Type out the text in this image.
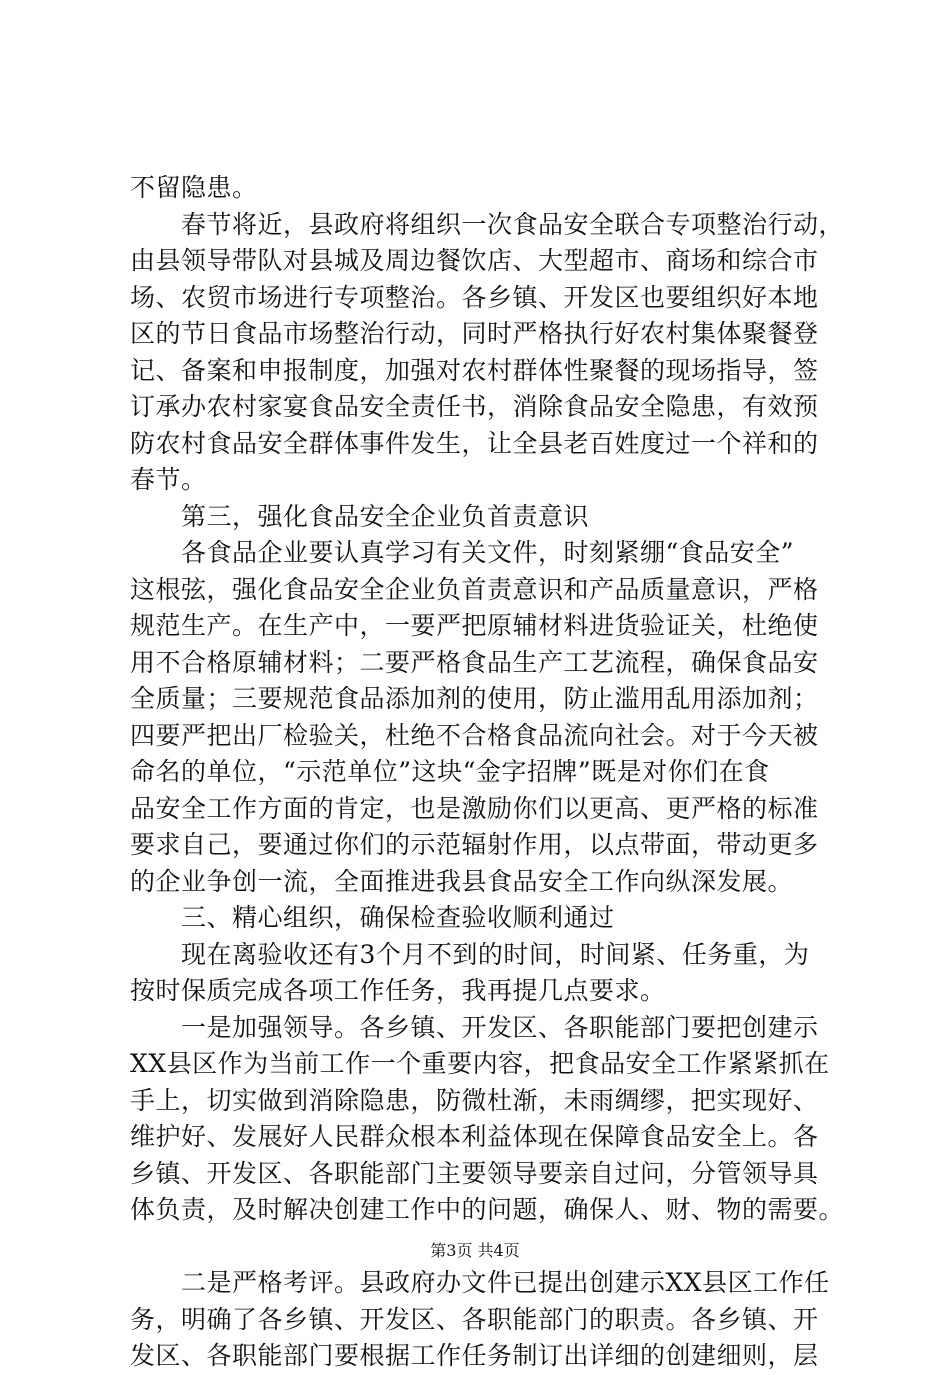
不留隐患。
　　春节将近，县政府将组织一次食品安全联合专项整治行动，
由县领导带队对县城及周边餐饮店、大型超市、商场和综合市
场、农贸市场进行专项整治。各乡镇、开发区也要组织好本地
区的节日食品市场整治行动，同时严格执行好农村集体聚餐登
记、备案和申报制度，加强对农村群体性聚餐的现场指导，签
订承办农村家宴食品安全责任书，消除食品安全隐患，有效预
防农村食品安全群体事件发生，让全县老百姓度过一个祥和的
春节。
　　第三，强化食品安全企业负首责意识
　　各食品企业要认真学习有关文件，时刻紧绷“食品安全”
这根弦，强化食品安全企业负首责意识和产品质量意识，严格
规范生产。在生产中，一要严把原辅材料进货验证关，杜绝使
用不合格原辅材料；二要严格食品生产工艺流程，确保食品安
全质量；三要规范食品添加剂的使用，防止滥用乱用添加剂；
四要严把出厂检验关，杜绝不合格食品流向社会。对于今天被
命名的单位，“示范单位”这块“金字招牌”既是对你们在食
品安全工作方面的肯定，也是激励你们以更高、更严格的标准
要求自己，要通过你们的示范辐射作用，以点带面，带动更多
的企业争创一流，全面推进我县食品安全工作向纵深发展。
　　三、精心组织，确保检查验收顺利通过
　　现在离验收还有3个月不到的时间，时间紧、任务重，为
按时保质完成各项工作任务，我再提几点要求。
　　一是加强领导。各乡镇、开发区、各职能部门要把创建示
XX县区作为当前工作一个重要内容，把食品安全工作紧紧抓在
手上，切实做到消除隐患，防微杜渐，未雨绸缪，把实现好、
维护好、发展好人民群众根本利益体现在保障食品安全上。各
乡镇、开发区、各职能部门主要领导要亲自过问，分管领导具
体负责，及时解决创建工作中的问题，确保人、财、物的需要。
　　二是严格考评。县政府办文件已提出创建示XX县区工作任
务，明确了各乡镇、开发区、各职能部门的职责。各乡镇、开
发区、各职能部门要根据工作任务制订出详细的创建细则，层
第3页 共4页
